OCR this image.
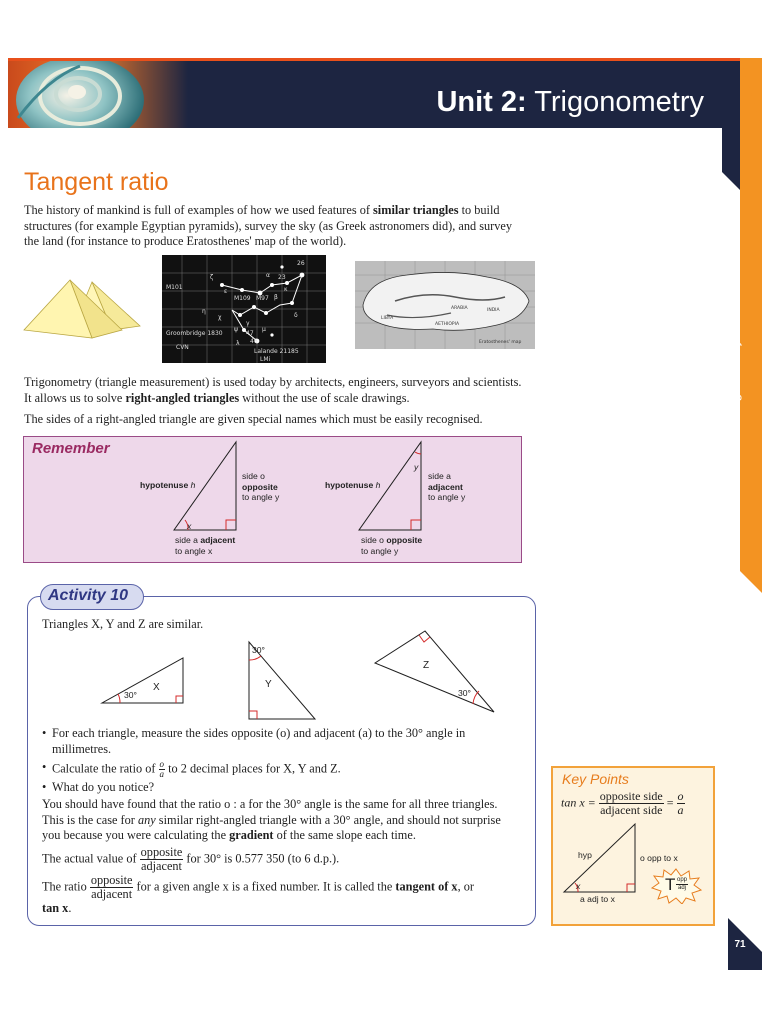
Unit 2: Trigonometry
Unit 2: Trigonometry
Tangent ratio
The history of mankind is full of examples of how we used features of similar triangles to build structures (for example Egyptian pyramids), survey the sky (as Greek astronomers did), and survey the land (for instance to produce Eratosthenes' map of the world).
M101
Groombridge 1830
CVN
Lalande 21185
LMi
M109 M97
23
26
α
β
γ
δ
ε
ζ
η
χ
ψ	μ
46
47
λ
κ
LIBYA
ARABIA	INDIA
AETHIOPIA
Eratosthenes' map
Trigonometry (triangle measurement) is used today by architects, engineers, surveyors and scientists. It allows us to solve right-angled triangles without the use of scale drawings.
The sides of a right-angled triangle are given special names which must be easily recognised.
Remember
x
hypotenuse h
side o
opposite
to angle y
side a adjacent
to angle x
y
hypotenuse h
side a
adjacent
to angle y
side o opposite
to angle y
Activity 10
Triangles X, Y and Z are similar.
30°
X
30°
Y
Z
30°
• For each triangle, measure the sides opposite (o) and adjacent (a) to the 30° angle in millimetres.
• Calculate the ratio of $\frac{o}{a}$ to 2 decimal places for X, Y and Z.
• What do you notice?
You should have found that the ratio o : a for the 30° angle is the same for all three triangles. This is the case for any similar right-angled triangle with a 30° angle, and should not surprise you because you were calculating the gradient of the same slope each time.
The actual value of $\frac{\text{opposite}}{\text{adjacent}}$ for 30° is 0.577 350 (to 6 d.p.).
The ratio $\frac{\text{opposite}}{\text{adjacent}}$ for a given angle x is a fixed number. It is called the tangent of x, or
tan x.
Key Points
$\tan x = \frac{\text{opposite side}}{\text{adjacent side}} = \frac{o}{a}$
hyp	o opp to x
a adj to x
x	T $\frac{\text{opp}}{\text{adj}}$
71
